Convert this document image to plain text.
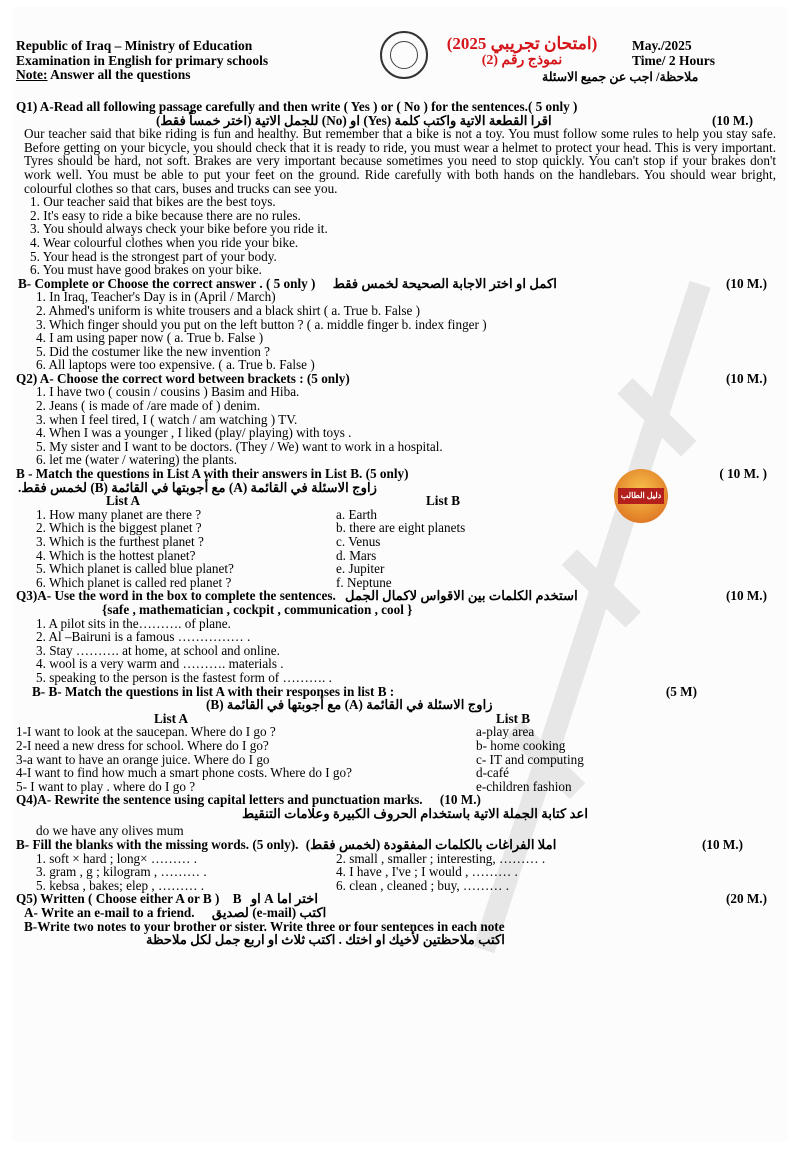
Republic of Iraq – Ministry of Education
Examination in English for primary schools
Note: Answer all the questions
(امتحان تجريبي 2025)
نموذج رقم (2)
May./2025
Time/ 2 Hours
ملاحظة/ اجب عن جميع الاسئلة
Q1) A-Read all following passage carefully and then write ( Yes ) or ( No ) for the sentences.( 5 only )
اقرا القطعة الاتية واكتب كلمة (Yes) او (No) للجمل الاتية (اختر خمساً فقط)	(10 M.)
Our teacher said that bike riding is fun and healthy. But remember that a bike is not a toy. You must follow some rules to help you stay safe. Before getting on your bicycle, you should check that it is ready to ride, you must wear a helmet to protect your head. This is very important. Tyres should be hard, not soft. Brakes are very important because sometimes you need to stop quickly. You can't stop if your brakes don't work well. You must be able to put your feet on the ground. Ride carefully with both hands on the handlebars. You should wear bright, colourful clothes so that cars, buses and trucks can see you.
1. Our teacher said that bikes are the best toys.
2. It's easy to ride a bike because there are no rules.
3. You should always check your bike before you ride it.
4. Wear colourful clothes when you ride your bike.
5. Your head is the strongest part of your body.
6. You must have good brakes on your bike.
B- Complete or Choose the correct answer . ( 5 only ) اكمل او اختر الاجابة الصحيحة لخمس فقط	(10 M.)
1. In Iraq, Teacher's Day is in (April / March)
2. Ahmed's uniform is white trousers and a black shirt ( a. True b. False )
3. Which finger should you put on the left button ? ( a. middle finger b. index finger )
4. I am using paper now ( a. True b. False )
5. Did the costumer like the new invention ?
6. All laptops were too expensive. ( a. True b. False )
Q2) A- Choose the correct word between brackets : (5 only)	(10 M.)
1. I have two ( cousin / cousins ) Basim and Hiba.
2. Jeans ( is made of /are made of ) denim.
3. when I feel tired, I ( watch / am watching ) TV.
4. When I was a younger , I liked (play/ playing) with toys .
5. My sister and I want to be doctors. (They / We) want to work in a hospital.
6. let me (water / watering) the plants.
B - Match the questions in List A with their answers in List B. (5 only)	( 10 M. )
زاوج الاسئلة في القائمة (A) مع أجوبتها في القائمة (B) لخمس فقط.
List A	List B
1. How many planet are there ?	a. Earth
2. Which is the biggest planet ?	b. there are eight planets
3. Which is the furthest planet ?	c. Venus
4. Which is the hottest planet?	d. Mars
5. Which planet is called blue planet?	e. Jupiter
6. Which planet is called red planet ?	f. Neptune
Q3)A- Use the word in the box to complete the sentences. استخدم الكلمات بين الاقواس لاكمال الجمل	(10 M.)
{safe , mathematician , cockpit , communication , cool }
1. A pilot sits in the………. of plane.
2. Al –Bairuni is a famous …………… .
3. Stay ………. at home, at school and online.
4. wool is a very warm and ………. materials .
5. speaking to the person is the fastest form of ………. .
B- B- Match the questions in list A with their responses in list B :	(5 M)
زاوج الاسئلة في القائمة (A) مع أجوبتها في القائمة (B)
List A	List B
1-I want to look at the saucepan. Where do I go ?	a-play area
2-I need a new dress for school. Where do I go?	b- home cooking
3-a want to have an orange juice. Where do I go	c- IT and computing
4-I want to find how much a smart phone costs. Where do I go?	d-café
5- I want to play . where do I go ?	e-children fashion
Q4)A- Rewrite the sentence using capital letters and punctuation marks. (10 M.)
اعد كتابة الجملة الاتية باستخدام الحروف الكبيرة وعلامات التنقيط
do we have any olives mum
B- Fill the blanks with the missing words. (5 only). املا الفراغات بالكلمات المفقودة (لخمس فقط)	(10 M.)
1. soft × hard ; long× ……… .	2. small , smaller ; interesting, ……… .
3. gram , g ; kilogram , ……… .	4. I have , I've ; I would , ……… .
5. kebsa , bakes; elep , ……… .	6. clean , cleaned ; buy, ……… .
Q5) Written ( Choose either A or B ) B اختر اما A او	(20 M.)
A- Write an e-mail to a friend. اكتب (e-mail) لصديق
B-Write two notes to your brother or sister. Write three or four sentences in each note
اكتب ملاحظتين لأخيك او اختك . اكتب ثلاث او اربع جمل لكل ملاحظة
دليل الطالب
